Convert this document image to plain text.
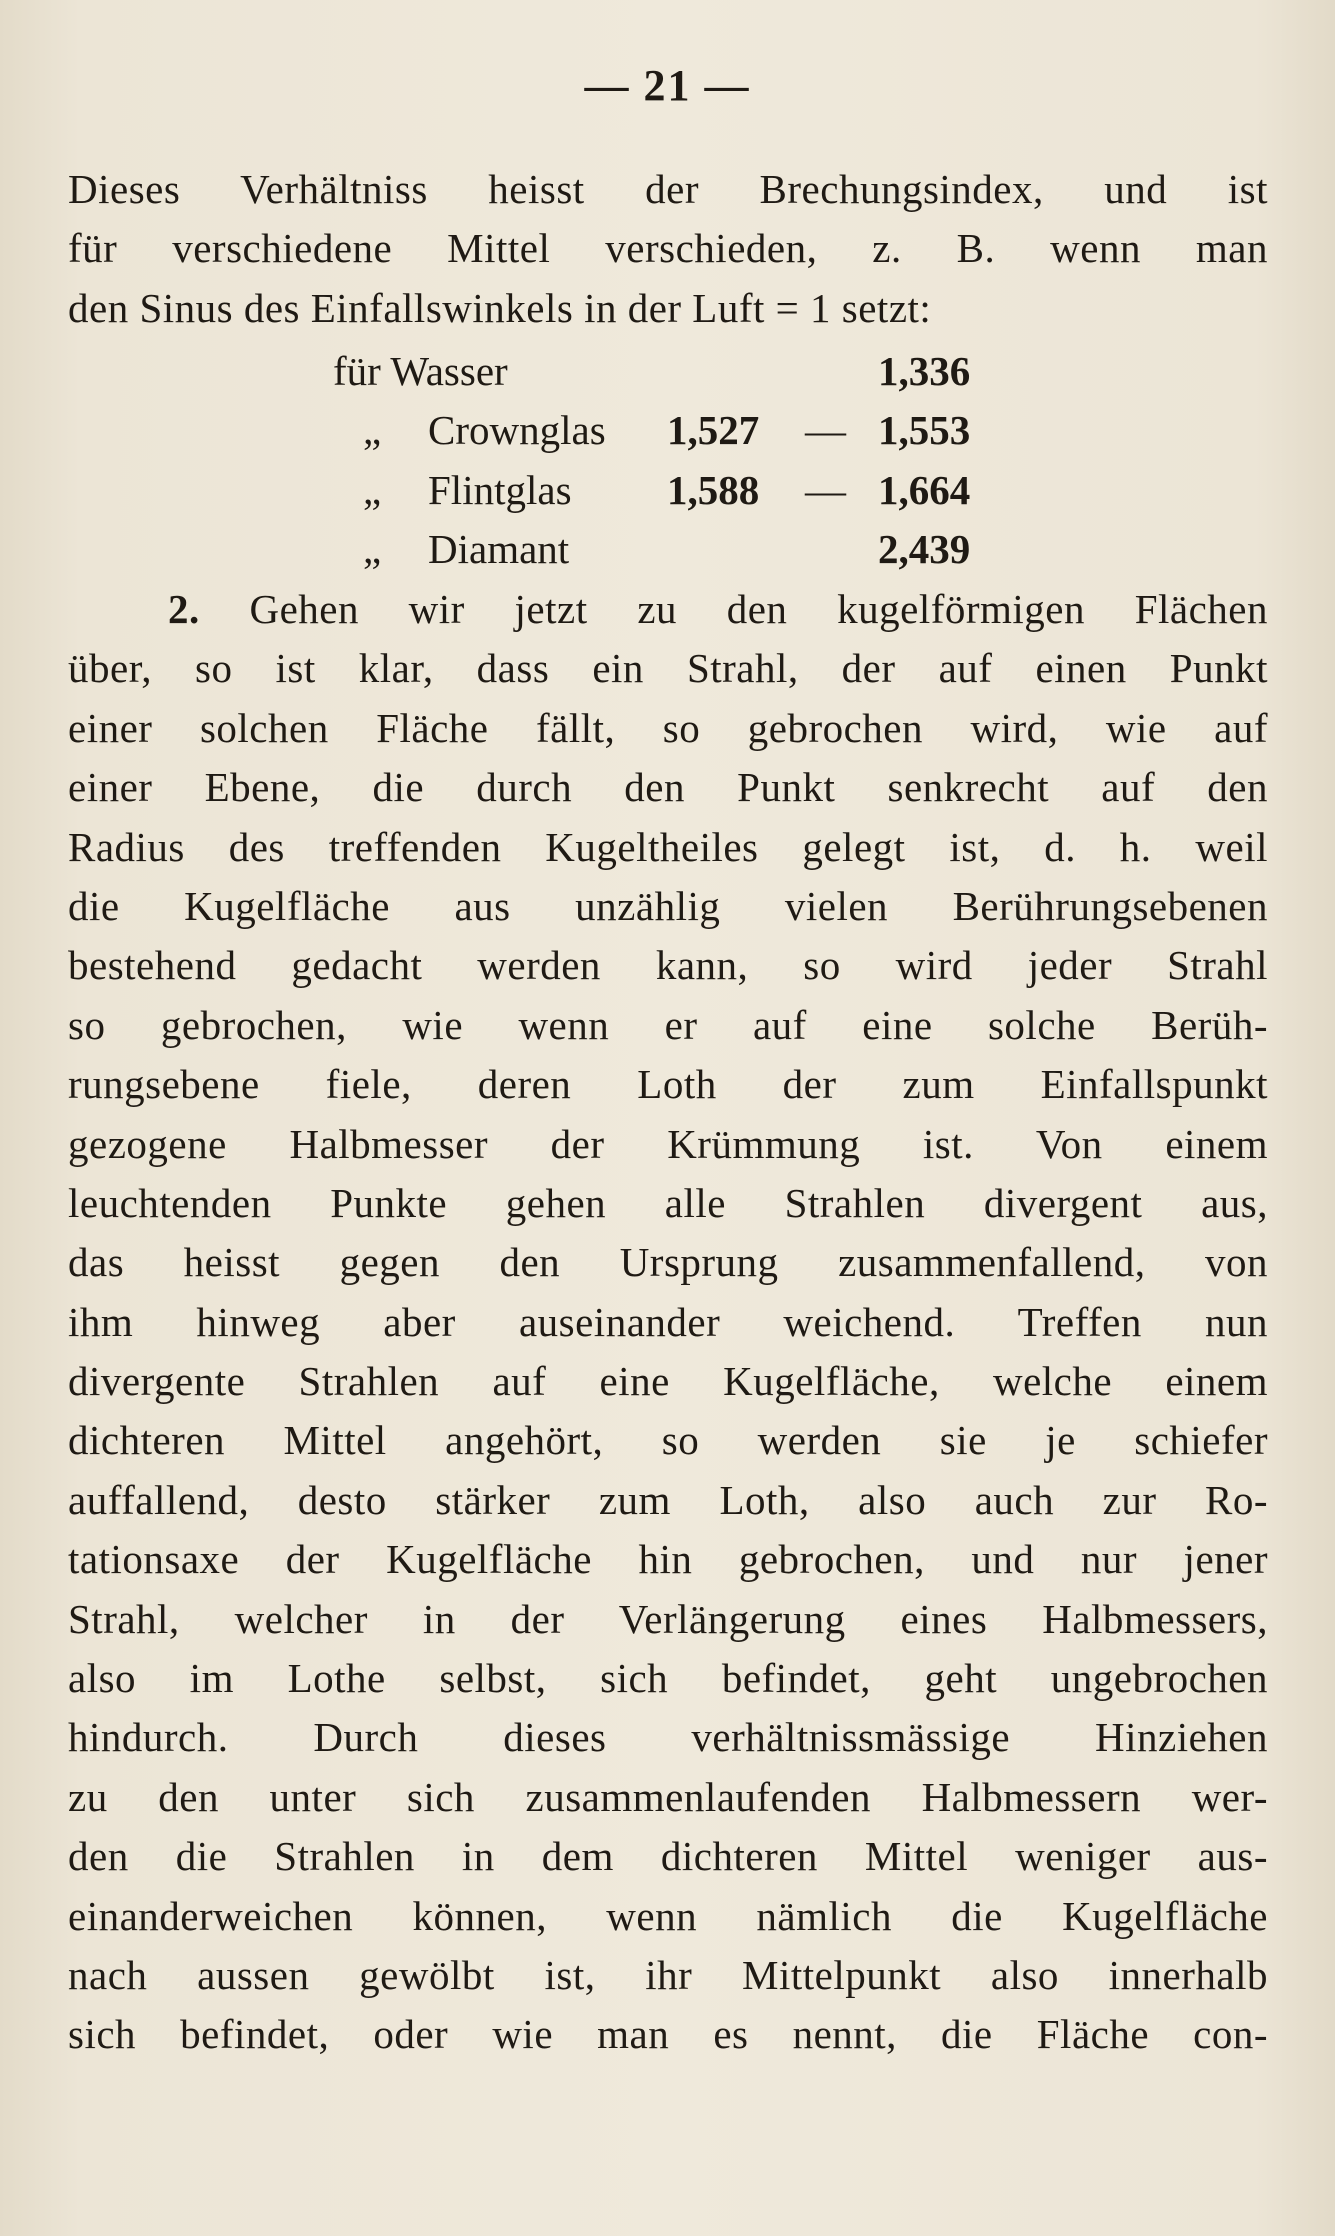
— 21 —
Dieses Verhältniss heisst der Brechungsindex, und ist
für verschiedene Mittel verschieden, z. B. wenn man
den Sinus des Einfallswinkels in der Luft = 1 setzt:
für Wasser	1,336
„ Crownglas 1,527 — 1,553
„ Flintglas 1,588 — 1,664
„ Diamant	2,439
2. Gehen wir jetzt zu den kugelförmigen Flächen
über, so ist klar, dass ein Strahl, der auf einen Punkt
einer solchen Fläche fällt, so gebrochen wird, wie auf
einer Ebene, die durch den Punkt senkrecht auf den
Radius des treffenden Kugeltheiles gelegt ist, d. h. weil
die Kugelfläche aus unzählig vielen Berührungsebenen
bestehend gedacht werden kann, so wird jeder Strahl
so gebrochen, wie wenn er auf eine solche Berüh-
rungsebene fiele, deren Loth der zum Einfallspunkt
gezogene Halbmesser der Krümmung ist. Von einem
leuchtenden Punkte gehen alle Strahlen divergent aus,
das heisst gegen den Ursprung zusammenfallend, von
ihm hinweg aber auseinander weichend. Treffen nun
divergente Strahlen auf eine Kugelfläche, welche einem
dichteren Mittel angehört, so werden sie je schiefer
auffallend, desto stärker zum Loth, also auch zur Ro-
tationsaxe der Kugelfläche hin gebrochen, und nur jener
Strahl, welcher in der Verlängerung eines Halbmessers,
also im Lothe selbst, sich befindet, geht ungebrochen
hindurch. Durch dieses verhältnissmässige Hinziehen
zu den unter sich zusammenlaufenden Halbmessern wer-
den die Strahlen in dem dichteren Mittel weniger aus-
einanderweichen können, wenn nämlich die Kugelfläche
nach aussen gewölbt ist, ihr Mittelpunkt also innerhalb
sich befindet, oder wie man es nennt, die Fläche con-
